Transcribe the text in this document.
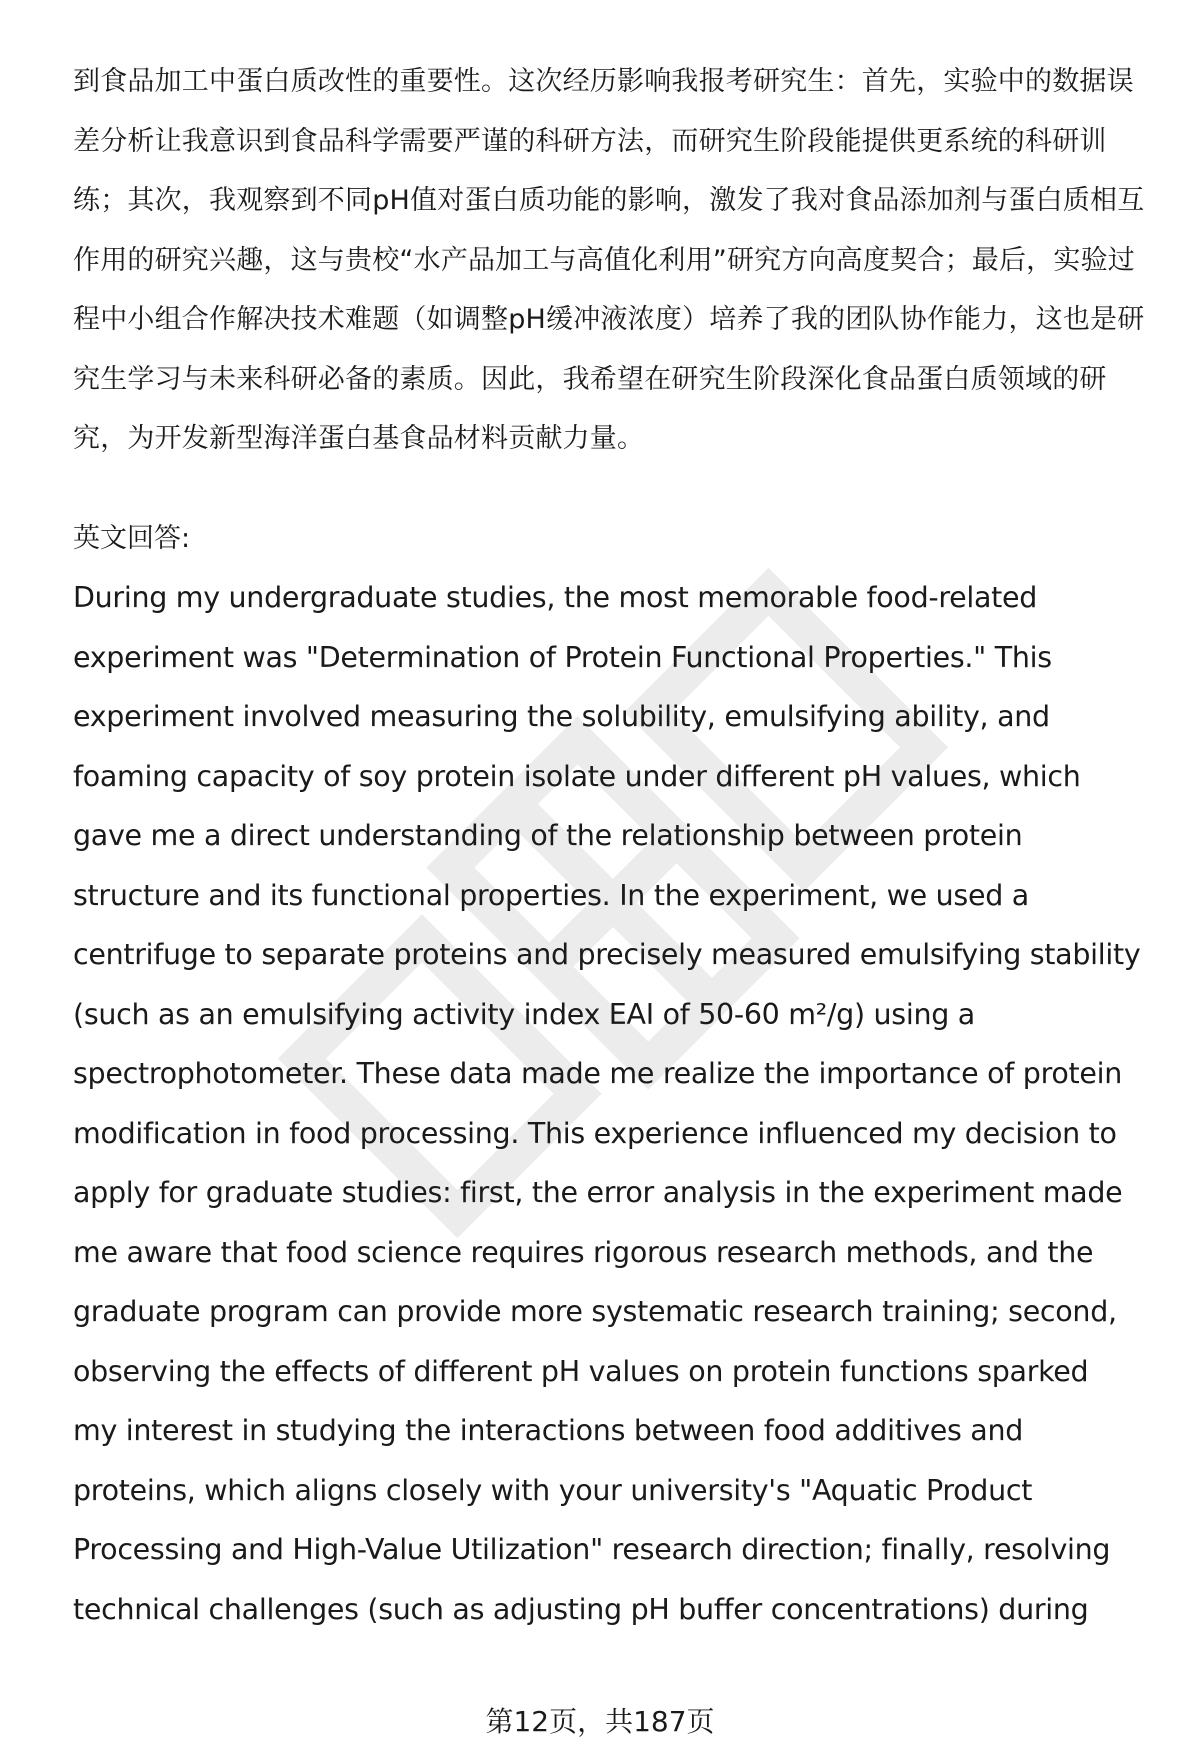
到食品加工中蛋白质改性的重要性。这次经历影响我报考研究生：首先，实验中的数据误差分析让我意识到食品科学需要严谨的科研方法，而研究生阶段能提供更系统的科研训练；其次，我观察到不同pH值对蛋白质功能的影响，激发了我对食品添加剂与蛋白质相互作用的研究兴趣，这与贵校“水产品加工与高值化利用”研究方向高度契合；最后，实验过程中小组合作解决技术难题（如调整pH缓冲液浓度）培养了我的团队协作能力，这也是研究生学习与未来科研必备的素质。因此，我希望在研究生阶段深化食品蛋白质领域的研究，为开发新型海洋蛋白基食品材料贡献力量。

英文回答:

During my undergraduate studies, the most memorable food-related
experiment was "Determination of Protein Functional Properties." This
experiment involved measuring the solubility, emulsifying ability, and
foaming capacity of soy protein isolate under different pH values, which
gave me a direct understanding of the relationship between protein
structure and its functional properties. In the experiment, we used a
centrifuge to separate proteins and precisely measured emulsifying stability
(such as an emulsifying activity index EAI of 50-60 m²/g) using a
spectrophotometer. These data made me realize the importance of protein
modification in food processing. This experience influenced my decision to
apply for graduate studies: first, the error analysis in the experiment made
me aware that food science requires rigorous research methods, and the
graduate program can provide more systematic research training; second,
observing the effects of different pH values on protein functions sparked
my interest in studying the interactions between food additives and
proteins, which aligns closely with your university's "Aquatic Product
Processing and High-Value Utilization" research direction; finally, resolving
technical challenges (such as adjusting pH buffer concentrations) during

第12页，共187页
